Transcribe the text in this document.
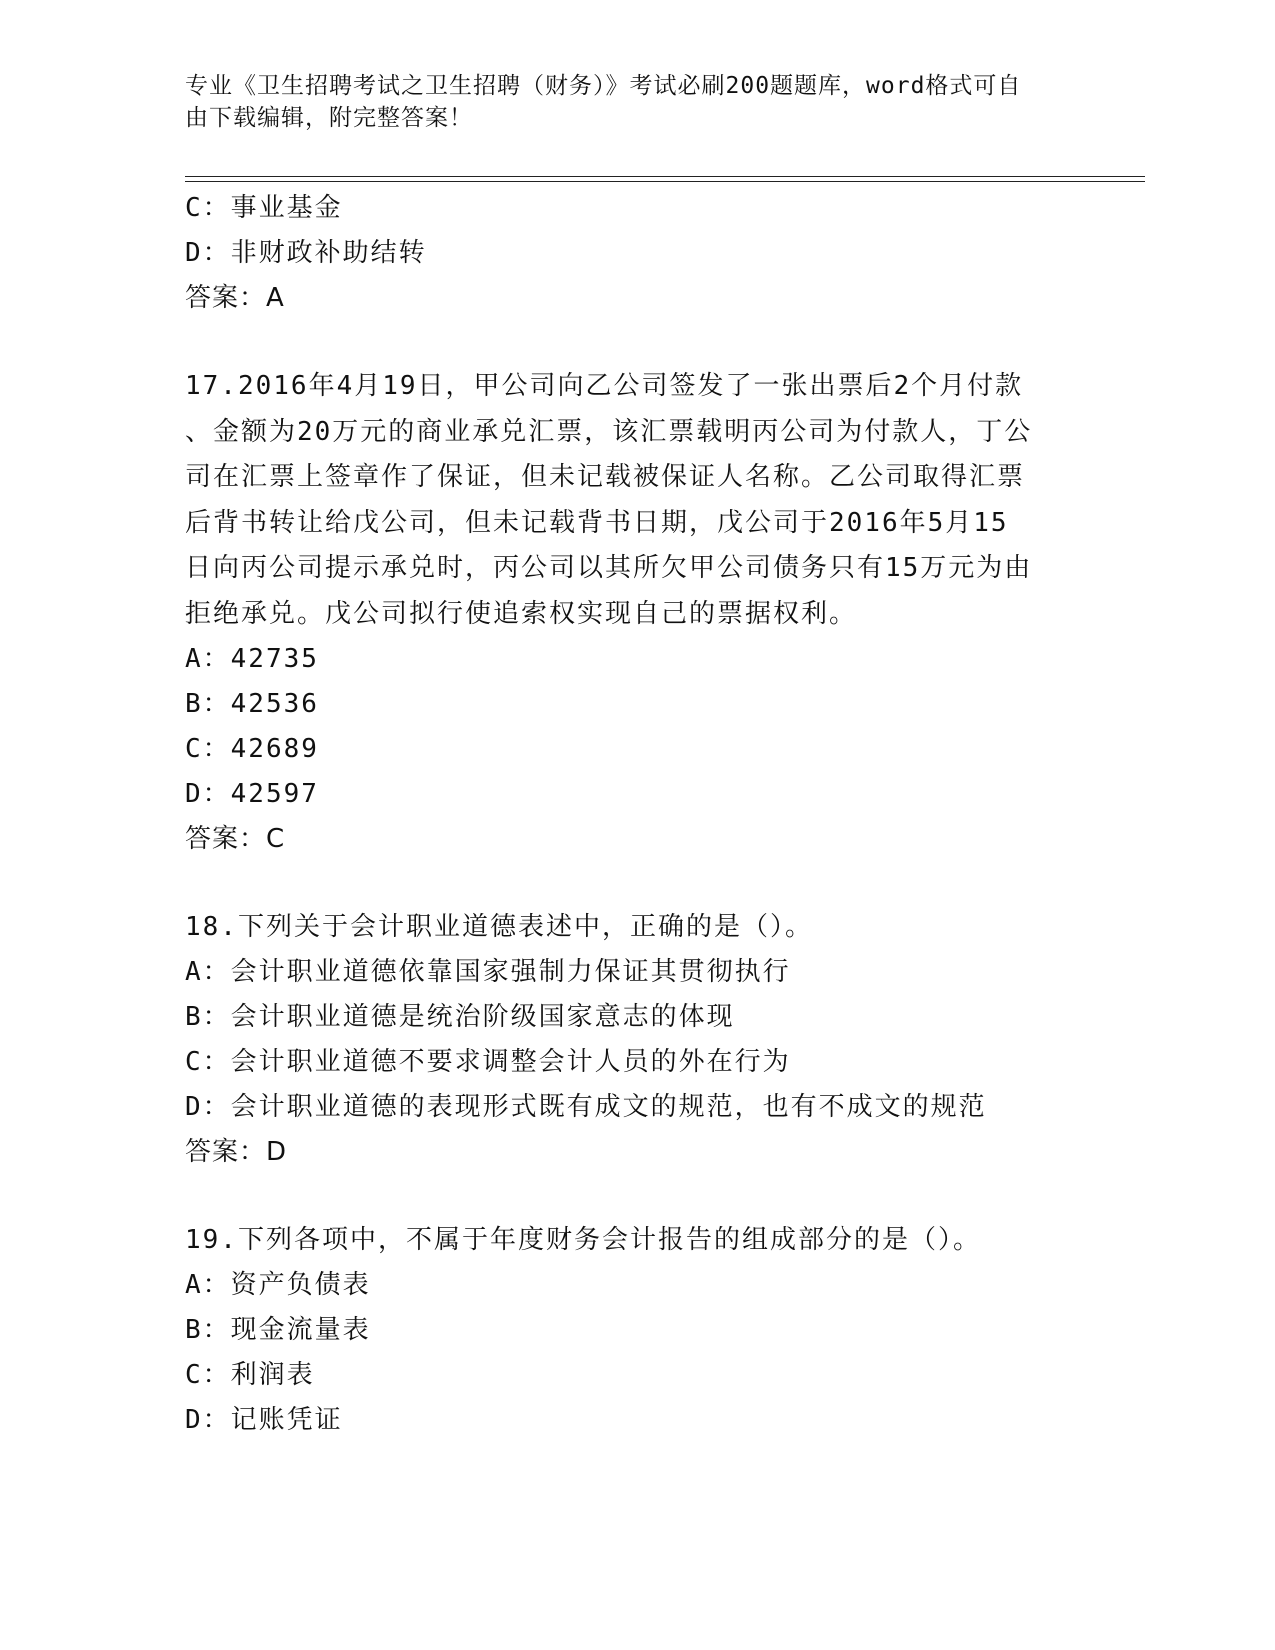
专业《卫生招聘考试之卫生招聘（财务）》考试必刷200题题库，word格式可自

由下载编辑，附完整答案！

C：事业基金
D：非财政补助结转
答案：A
17.2016年4月19日，甲公司向乙公司签发了一张出票后2个月付款
、金额为20万元的商业承兑汇票，该汇票载明丙公司为付款人，丁公
司在汇票上签章作了保证，但未记载被保证人名称。乙公司取得汇票
后背书转让给戊公司，但未记载背书日期，戊公司于2016年5月15
日向丙公司提示承兑时，丙公司以其所欠甲公司债务只有15万元为由
拒绝承兑。戊公司拟行使追索权实现自己的票据权利。
A：42735
B：42536
C：42689
D：42597
答案：C
18.下列关于会计职业道德表述中，正确的是（）。
A：会计职业道德依靠国家强制力保证其贯彻执行
B：会计职业道德是统治阶级国家意志的体现
C：会计职业道德不要求调整会计人员的外在行为
D：会计职业道德的表现形式既有成文的规范，也有不成文的规范
答案：D
19.下列各项中，不属于年度财务会计报告的组成部分的是（）。
A：资产负债表
B：现金流量表
C：利润表
D：记账凭证
